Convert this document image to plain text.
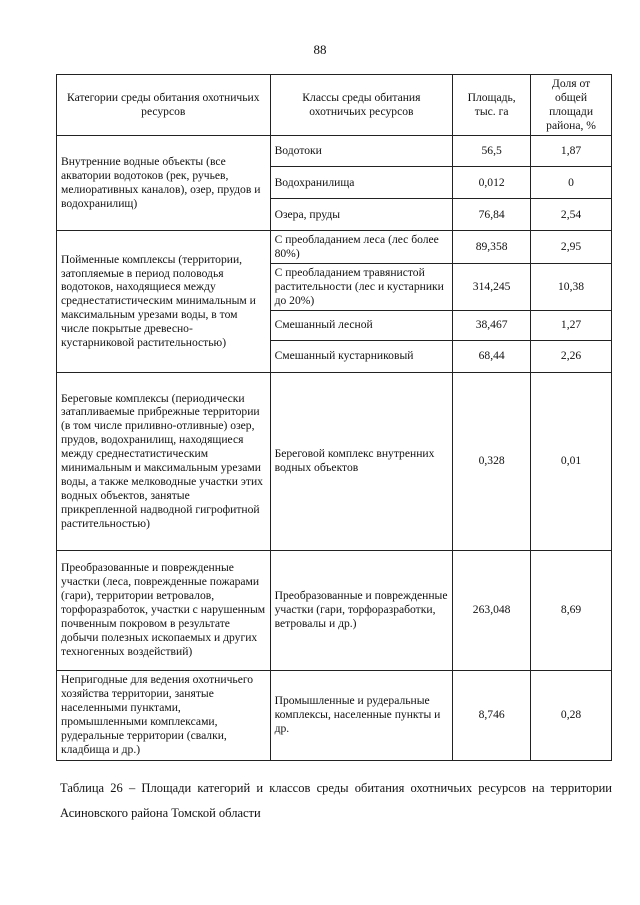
88
Категории среды обитания охотничьих ресурсов	Классы среды обитания охотничьих ресурсов	Площадь, тыс. га	Доля от общей площади района, %
Внутренние водные объекты (все акватории водотоков (рек, ручьев, мелиоративных каналов), озер, прудов и водохранилищ)	Водотоки	56,5	1,87
	Водохранилища	0,012	0
	Озера, пруды	76,84	2,54
Пойменные комплексы (территории, затопляемые в период половодья водотоков, находящиеся между среднестатистическим минимальным и максимальным урезами воды, в том числе покрытые древесно-кустарниковой растительностью)	С преобладанием леса (лес более 80%)	89,358	2,95
	С преобладанием травянистой растительности (лес и кустарники до 20%)	314,245	10,38
	Смешанный лесной	38,467	1,27
	Смешанный кустарниковый	68,44	2,26
Береговые комплексы (периодически затапливаемые прибрежные территории (в том числе приливно-отливные) озер, прудов, водохранилищ, находящиеся между среднестатистическим минимальным и максимальным урезами воды, а также мелководные участки этих водных объектов, занятые прикрепленной надводной гигрофитной растительностью)	Береговой комплекс внутренних водных объектов	0,328	0,01
Преобразованные и поврежденные участки (леса, поврежденные пожарами (гари), территории ветровалов, торфоразработок, участки с нарушенным почвенным покровом в результате добычи полезных ископаемых и других техногенных воздействий)	Преобразованные и поврежденные участки (гари, торфоразработки, ветровалы и др.)	263,048	8,69
Непригодные для ведения охотничьего хозяйства территории, занятые населенными пунктами, промышленными комплексами, рудеральные территории (свалки, кладбища и др.)	Промышленные и рудеральные комплексы, населенные пункты и др.	8,746	0,28
Таблица 26 – Площади категорий и классов среды обитания охотничьих ресурсов на территории Асиновского района Томской области
